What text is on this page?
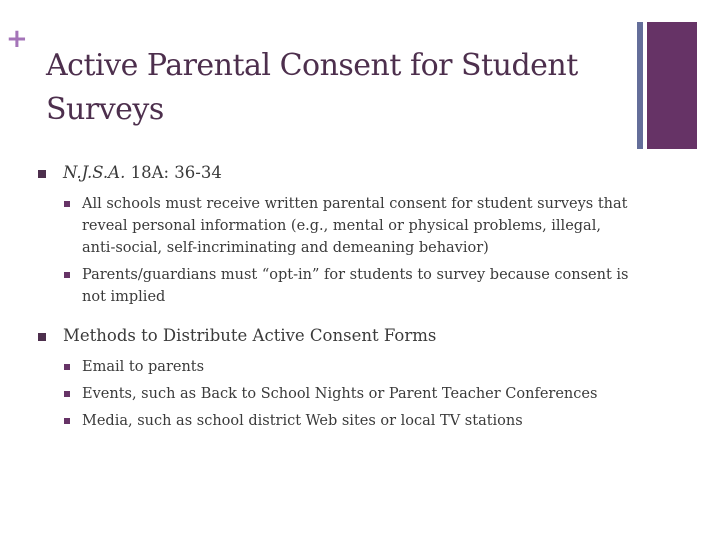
+
Active Parental Consent for Student Surveys
N.J.S.A. 18A: 36-34
All schools must receive written parental consent for student surveys that reveal personal information (e.g., mental or physical problems, illegal, anti-social, self-incriminating and demeaning behavior)
Parents/guardians must “opt-in” for students to survey because consent is not implied
Methods to Distribute Active Consent Forms
Email to parents
Events, such as Back to School Nights or Parent Teacher Conferences
Media, such as school district Web sites or local TV stations
